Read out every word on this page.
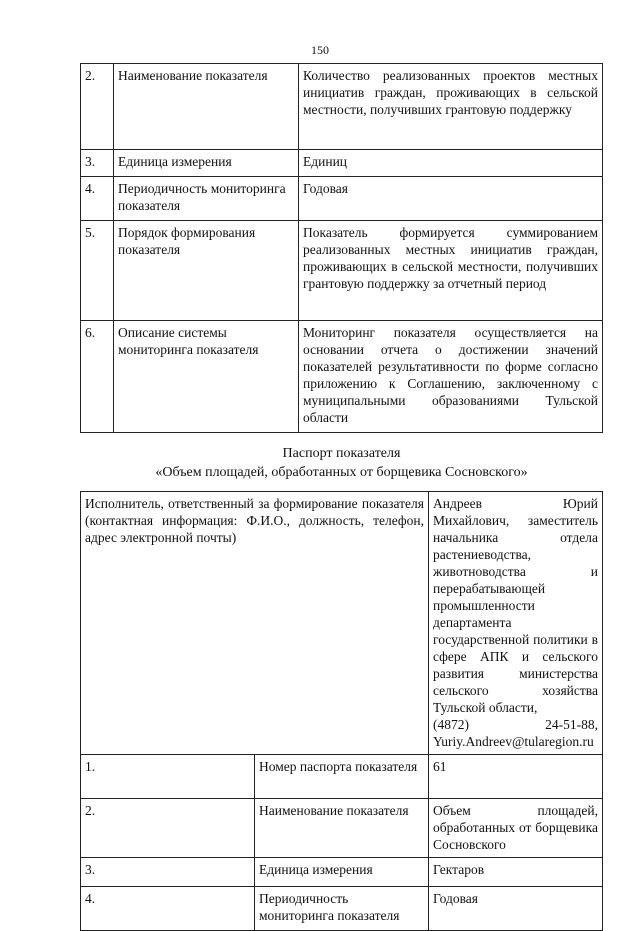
150
2.	Наименование показателя	Количество реализованных проектов местных инициатив граждан, проживающих в сельской местности, получивших грантовую поддержку
3.	Единица измерения	Единиц
4.	Периодичность мониторинга показателя	Годовая
5.	Порядок формирования показателя	Показатель формируется суммированием реализованных местных инициатив граждан, проживающих в сельской местности, получивших грантовую поддержку за отчетный период
6.	Описание системы мониторинга показателя	Мониторинг показателя осуществляется на основании отчета о достижении значений показателей результативности по форме согласно приложению к Соглашению, заключенному с муниципальными образованиями Тульской области
Паспорт показателя
«Объем площадей, обработанных от борщевика Сосновского»
Исполнитель, ответственный за формирование показателя (контактная информация: Ф.И.О., должность, телефон, адрес электронной почты)		Андреев Юрий Михайлович, заместитель начальника отдела растениеводства, животноводства и перерабатывающей промышленности департамента государственной политики в сфере АПК и сельского развития министерства сельского хозяйства Тульской области,
(4872) 24-51-88, Yuriy.Andreev@tularegion.ru

1.	Номер паспорта показателя	61
2.	Наименование показателя	Объем площадей, обработанных от борщевика Сосновского
3.	Единица измерения	Гектаров
4.	Периодичность мониторинга показателя	Годовая
